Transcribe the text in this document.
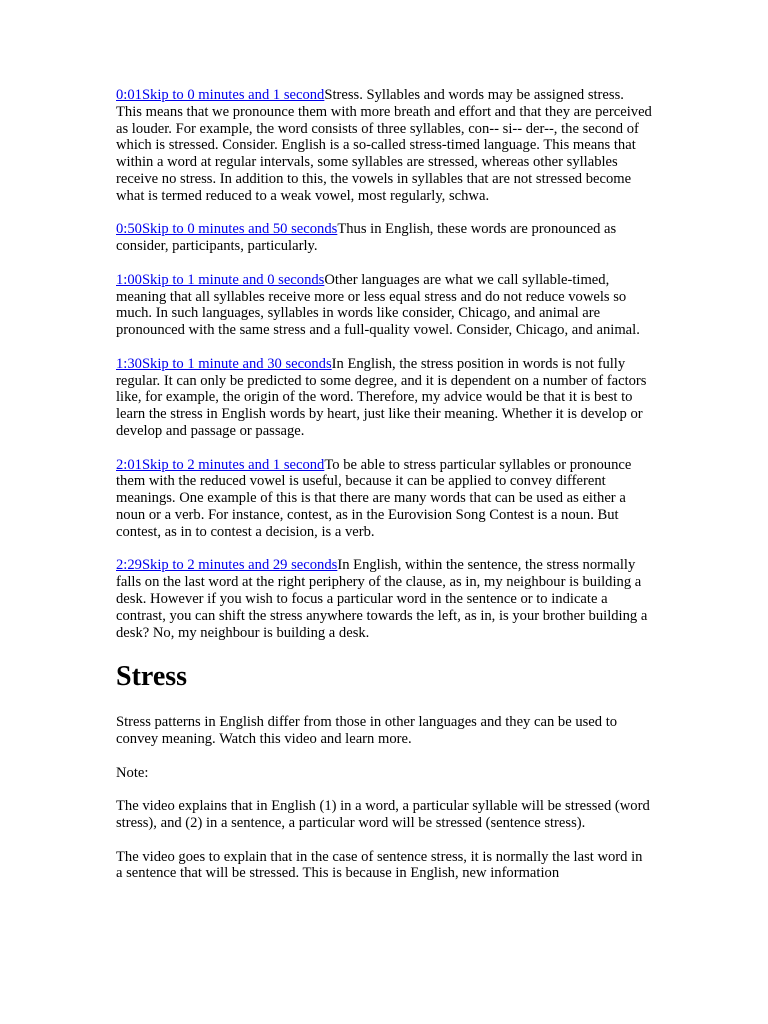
0:01Skip to 0 minutes and 1 secondStress. Syllables and words may be assigned stress. This means that we pronounce them with more breath and effort and that they are perceived as louder. For example, the word consists of three syllables, con-- si-- der--, the second of which is stressed. Consider. English is a so-called stress-timed language. This means that within a word at regular intervals, some syllables are stressed, whereas other syllables receive no stress. In addition to this, the vowels in syllables that are not stressed become what is termed reduced to a weak vowel, most regularly, schwa.

0:50Skip to 0 minutes and 50 secondsThus in English, these words are pronounced as consider, participants, particularly.

1:00Skip to 1 minute and 0 secondsOther languages are what we call syllable-timed, meaning that all syllables receive more or less equal stress and do not reduce vowels so much. In such languages, syllables in words like consider, Chicago, and animal are pronounced with the same stress and a full-quality vowel. Consider, Chicago, and animal.

1:30Skip to 1 minute and 30 secondsIn English, the stress position in words is not fully regular. It can only be predicted to some degree, and it is dependent on a number of factors like, for example, the origin of the word. Therefore, my advice would be that it is best to learn the stress in English words by heart, just like their meaning. Whether it is develop or develop and passage or passage.

2:01Skip to 2 minutes and 1 secondTo be able to stress particular syllables or pronounce them with the reduced vowel is useful, because it can be applied to convey different meanings. One example of this is that there are many words that can be used as either a noun or a verb. For instance, contest, as in the Eurovision Song Contest is a noun. But contest, as in to contest a decision, is a verb.

2:29Skip to 2 minutes and 29 secondsIn English, within the sentence, the stress normally falls on the last word at the right periphery of the clause, as in, my neighbour is building a desk. However if you wish to focus a particular word in the sentence or to indicate a contrast, you can shift the stress anywhere towards the left, as in, is your brother building a desk? No, my neighbour is building a desk.

Stress

Stress patterns in English differ from those in other languages and they can be used to convey meaning. Watch this video and learn more.

Note:

The video explains that in English (1) in a word, a particular syllable will be stressed (word stress), and (2) in a sentence, a particular word will be stressed (sentence stress).

The video goes to explain that in the case of sentence stress, it is normally the last word in a sentence that will be stressed. This is because in English, new information
